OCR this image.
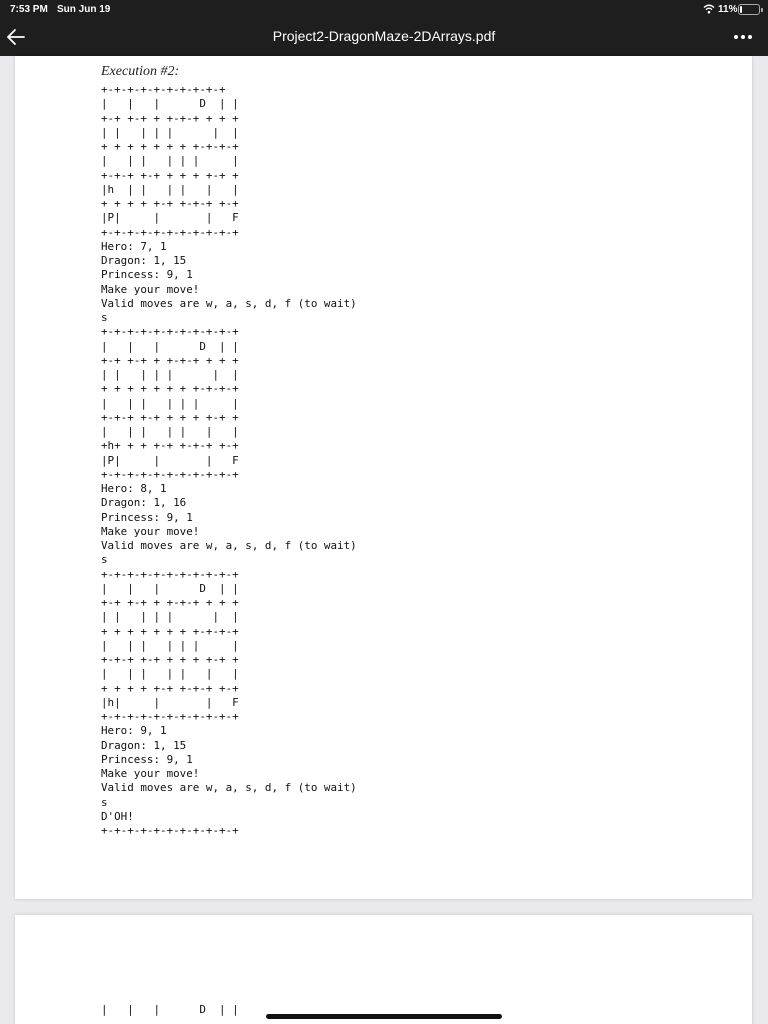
7:53 PM Sun Jun 19	11%
Project2-DragonMaze-2DArrays.pdf
Execution #2:
+-+-+-+-+-+-+-+-+-+
|   |   |      D  | |
+-+ +-+ + +-+-+ + + +
| |   | | |      |  |
+ + + + + + + +-+-+-+
|   | |   | | |     |
+-+-+ +-+ + + + +-+ +
|h  | |   | |   |   |
+ + + + +-+ +-+-+ +-+
|P|     |       |   F
+-+-+-+-+-+-+-+-+-+-+
Hero: 7, 1
Dragon: 1, 15
Princess: 9, 1
Make your move!
Valid moves are w, a, s, d, f (to wait)
s
+-+-+-+-+-+-+-+-+-+-+
|   |   |      D  | |
+-+ +-+ + +-+-+ + + +
| |   | | |      |  |
+ + + + + + + +-+-+-+
|   | |   | | |     |
+-+-+ +-+ + + + +-+ +
|   | |   | |   |   |
+h+ + + +-+ +-+-+ +-+
|P|     |       |   F
+-+-+-+-+-+-+-+-+-+-+
Hero: 8, 1
Dragon: 1, 16
Princess: 9, 1
Make your move!
Valid moves are w, a, s, d, f (to wait)
s
+-+-+-+-+-+-+-+-+-+-+
|   |   |      D  | |
+-+ +-+ + +-+-+ + + +
| |   | | |      |  |
+ + + + + + + +-+-+-+
|   | |   | | |     |
+-+-+ +-+ + + + +-+ +
|   | |   | |   |   |
+ + + + +-+ +-+-+ +-+
|h|     |       |   F
+-+-+-+-+-+-+-+-+-+-+
Hero: 9, 1
Dragon: 1, 15
Princess: 9, 1
Make your move!
Valid moves are w, a, s, d, f (to wait)
s
D'OH!
+-+-+-+-+-+-+-+-+-+-+
|   |   |      D  | |
